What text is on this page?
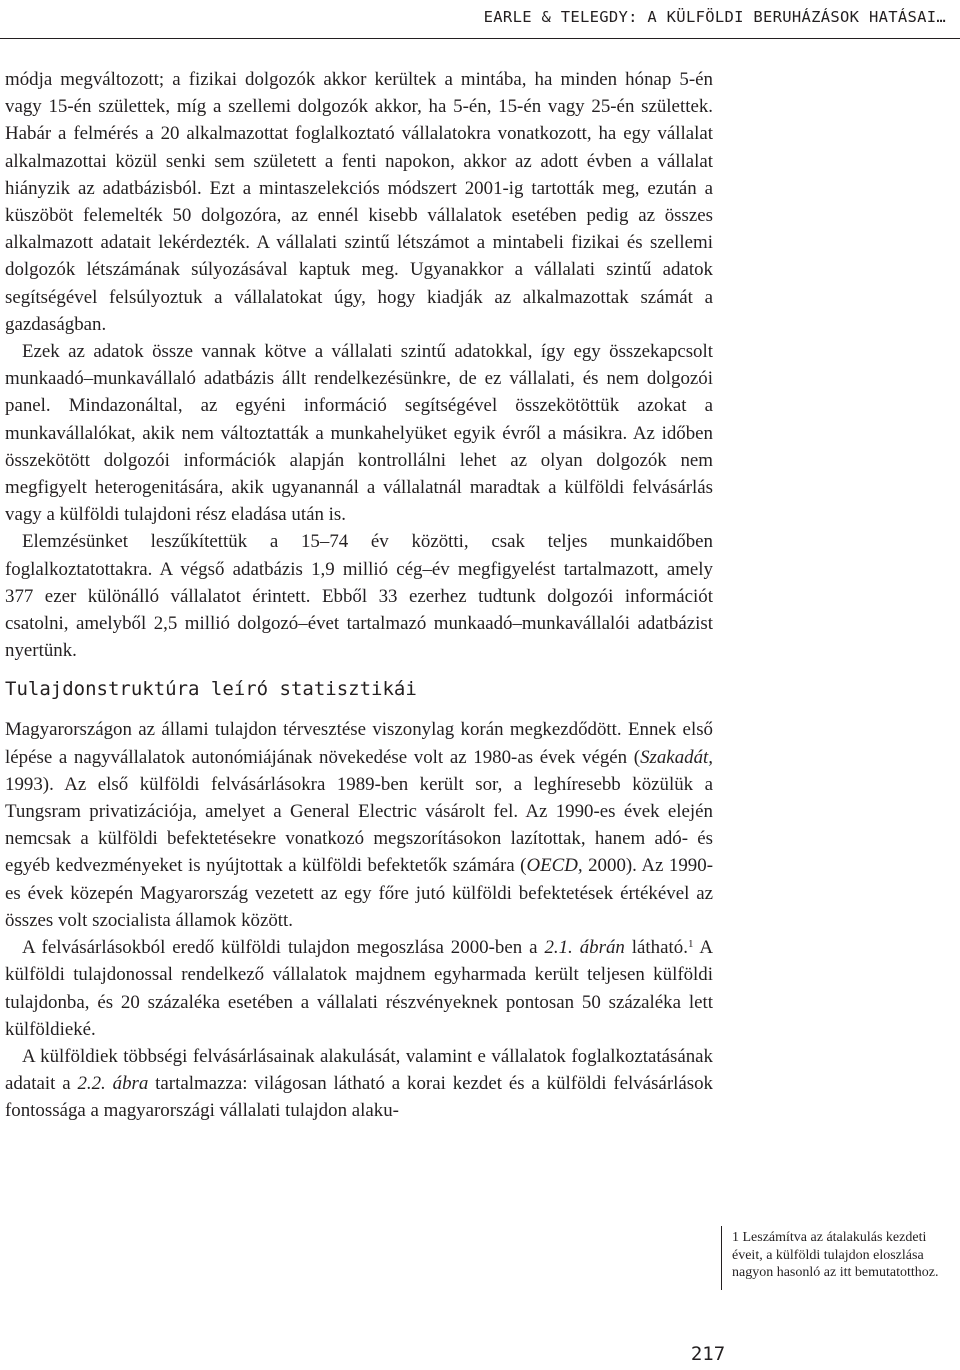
EARLE & TELEGDY: A KÜLFÖLDI BERUHÁZÁSOK HATÁSAI…

módja megváltozott; a fizikai dolgozók akkor kerültek a mintába, ha minden hónap 5-én vagy 15-én születtek, míg a szellemi dolgozók akkor, ha 5-én, 15-én vagy 25-én születtek. Habár a felmérés a 20 alkalmazottat foglalkoztató vállalatokra vonatkozott, ha egy vállalat alkalmazottai közül senki sem született a fenti napokon, akkor az adott évben a vállalat hiányzik az adatbázisból. Ezt a mintaszelekciós módszert 2001-ig tartották meg, ezután a küszöböt felemelték 50 dolgozóra, az ennél kisebb vállalatok esetében pedig az összes alkalmazott adatait lekérdezték. A vállalati szintű létszámot a mintabeli fizikai és szellemi dolgozók létszámának súlyozásával kaptuk meg. Ugyanakkor a vállalati szintű adatok segítségével felsúlyoztuk a vállalatokat úgy, hogy kiadják az alkalmazottak számát a gazdaságban.

Ezek az adatok össze vannak kötve a vállalati szintű adatokkal, így egy összekapcsolt munkaadó–munkavállaló adatbázis állt rendelkezésünkre, de ez vállalati, és nem dolgozói panel. Mindazonáltal, az egyéni információ segítségével összekötöttük azokat a munkavállalókat, akik nem változtatták a munkahelyüket egyik évről a másikra. Az időben összekötött dolgozói információk alapján kontrollálni lehet az olyan dolgozók nem megfigyelt heterogenitására, akik ugyanannál a vállalatnál maradtak a külföldi felvásárlás vagy a külföldi tulajdoni rész eladása után is.

Elemzésünket leszűkítettük a 15–74 év közötti, csak teljes munkaidőben foglalkoztatottakra. A végső adatbázis 1,9 millió cég–év megfigyelést tartalmazott, amely 377 ezer különálló vállalatot érintett. Ebből 33 ezerhez tudtunk dolgozói információt csatolni, amelyből 2,5 millió dolgozó–évet tartalmazó munkaadó–munkavállalói adatbázist nyertünk.

Tulajdonstruktúra leíró statisztikái

Magyarországon az állami tulajdon térvesztése viszonylag korán megkezdődött. Ennek első lépése a nagyvállalatok autonómiájának növekedése volt az 1980-as évek végén (Szakadát, 1993). Az első külföldi felvásárlásokra 1989-ben került sor, a leghíresebb közülük a Tungsram privatizációja, amelyet a General Electric vásárolt fel. Az 1990-es évek elején nemcsak a külföldi befektetésekre vonatkozó megszorításokon lazítottak, hanem adó- és egyéb kedvezményeket is nyújtottak a külföldi befektetők számára (OECD, 2000). Az 1990-es évek közepén Magyarország vezetett az egy főre jutó külföldi befektetések értékével az összes volt szocialista államok között.

A felvásárlásokból eredő külföldi tulajdon megoszlása 2000-ben a 2.1. ábrán látható.$^1$ A külföldi tulajdonossal rendelkező vállalatok majdnem egyharmada került teljesen külföldi tulajdonba, és 20 százaléka esetében a vállalati részvényeknek pontosan 50 százaléka lett külföldieké.

A külföldiek többségi felvásárlásainak alakulását, valamint e vállalatok foglalkoztatásának adatait a 2.2. ábra tartalmazza: világosan látható a korai kezdet és a külföldi felvásárlások fontossága a magyarországi vállalati tulajdon alaku-

1 Leszámítva az átalakulás kezdeti éveit, a külföldi tulajdon eloszlása nagyon hasonló az itt bemutatotthoz.
217
